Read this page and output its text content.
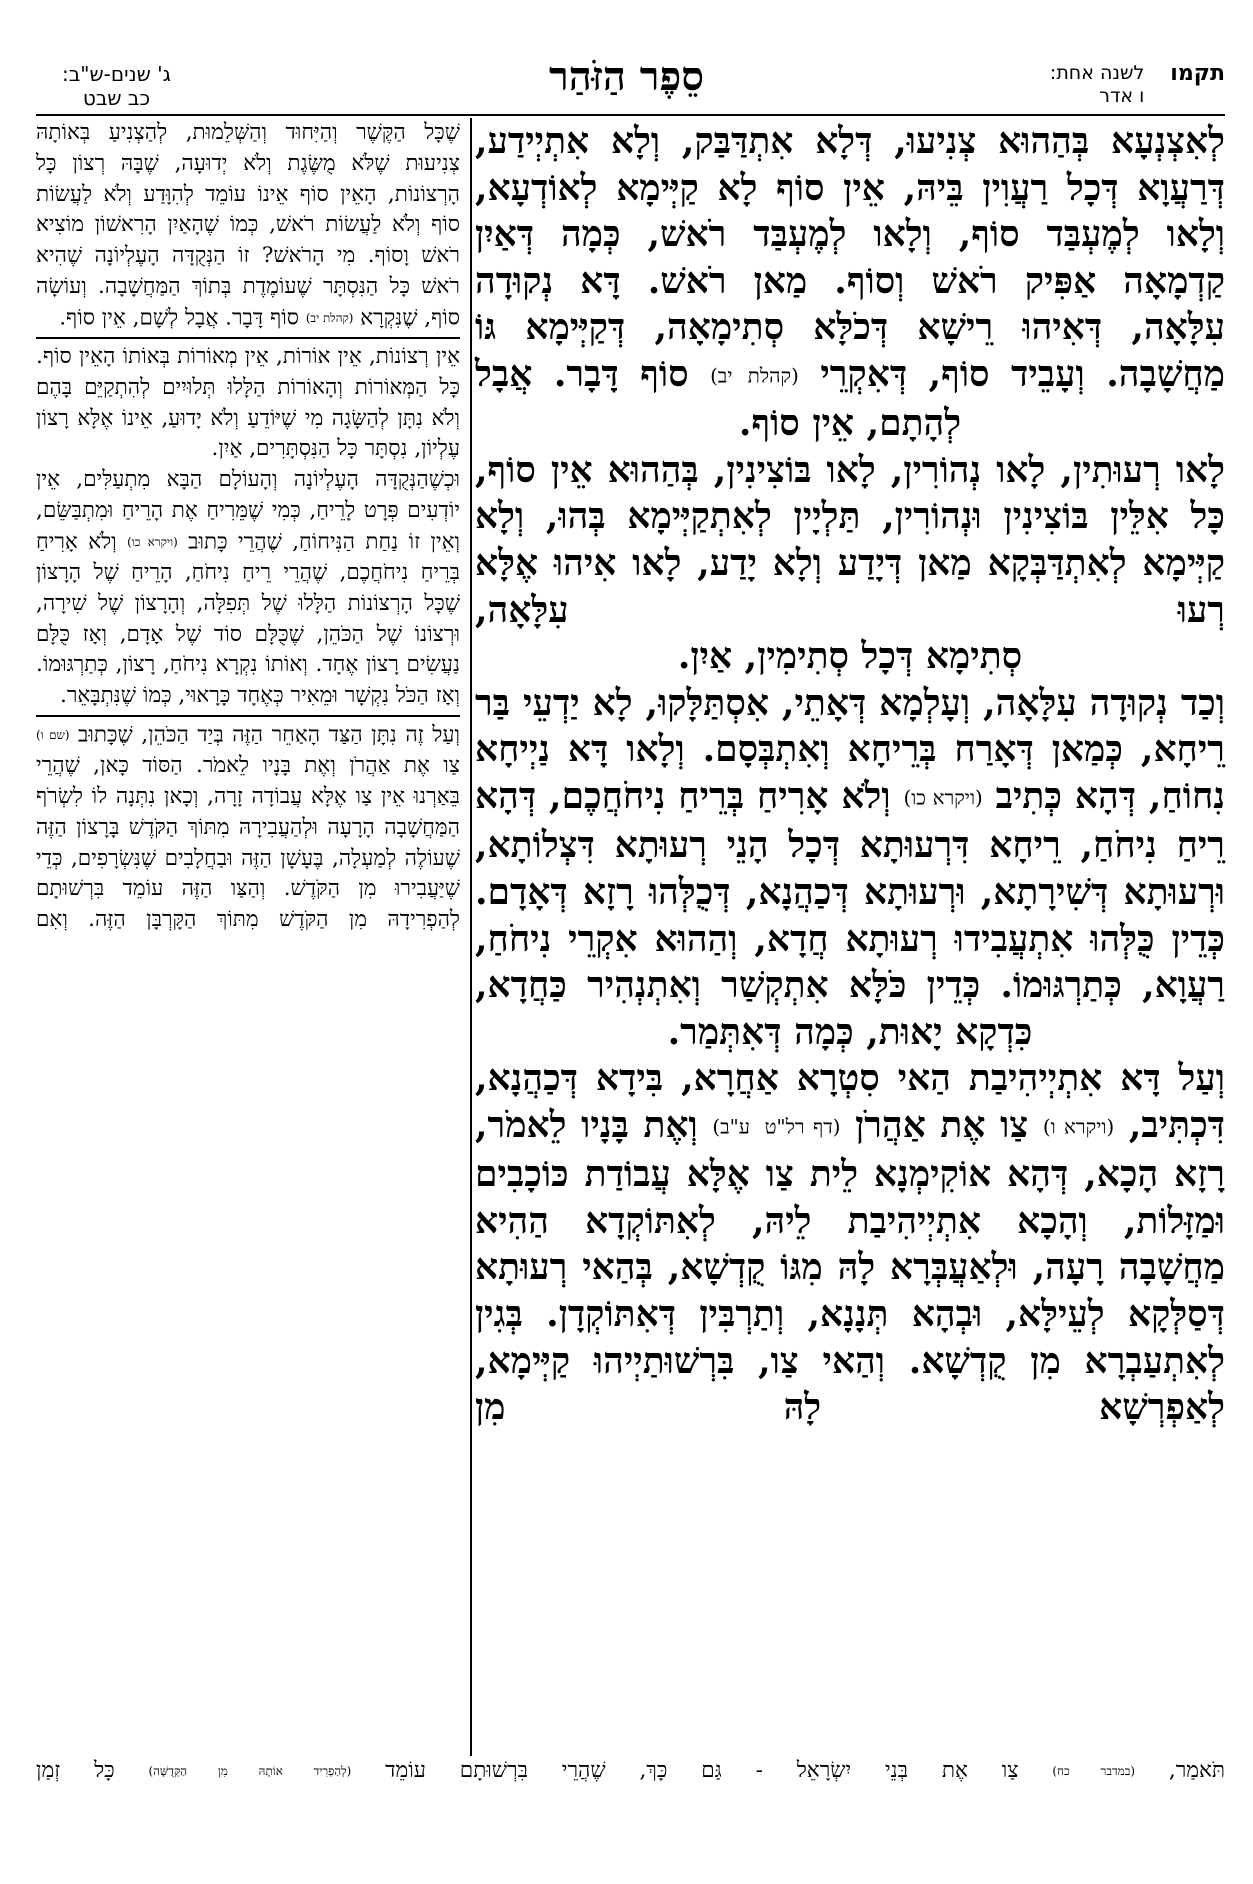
תקמו לשנה אחת:
ו אדר
סֵפֶר הַזֹּהַר
ג' שנים-ש"ב:
כב שבט

לְאִצְנְעָא בְּהַהוּא צְנִיעוּ, דְּלָא אִתְדַּבַּק, וְלָא אִתְיְידַע, דְּרַעֲוָא דְּכָל רַעֲוִין בֵּיהּ, אֵין סוֹף לָא קַיְּימָא לְאוֹדְעָא, וְלָאו לְמֶעְבַּד סוֹף, וְלָאו לְמֶעְבַּד רֹאשׁ, כְּמָה דְּאַיִן קַדְמָאָה אַפִּיק רֹאשׁ וְסוֹף. מַאן רֹאשׁ. דָּא נְקוּדָה עִלָּאָה, דְּאִיהוּ רֵישָׁא דְּכֹלָּא סְתִימָאָה, דְּקַיְּימָא גּוֹ מַחֲשָׁבָה. וְעָבֵיד סוֹף, דְּאִקְרֵי (קהלת יב) סוֹף דָּבָר. אֲבָל
לְהָתָם, אֵין סוֹף.

לָאו רְעוּתִין, לָאו נְהוֹרִין, לָאו בּוֹצִינִין, בְּהַהוּא אֵין סוֹף, כָּל אִלֵּין בּוֹצִינִין וּנְהוֹרִין, תַּלְיָין לְאִתְקַיְּימָא בְּהוּ, וְלָא קַיְּימָא לְאִתְדַּבְּקָא מַאן דְּיָדַע וְלָא יָדַע, לָאו אִיהוּ אֶלָּא רְעוּ עִלָּאָה,
סְתִימָא דְּכָל סְתִימִין, אַיִן.

וְכַד נְקוּדָה עִלָּאָה, וְעָלְמָא דְּאָתֵי, אִסְתַּלָּקוּ, לָא יַדְעֵי בַּר רֵיחָא, כְּמַאן דְּאָרַח בְּרֵיחָא וְאִתְבְּסָם. וְלָאו דָּא נַיְיחָא נִחוֹחַ, דְּהָא כְּתִיב (ויקרא כו) וְלֹא אָרִיחַ בְּרֵיחַ נִיחֹחֲכֶם, דְּהָא רֵיחַ נִיחֹחַ, רֵיחָא דִּרְעוּתָא דְּכָל הָנֵי רְעוּתָא דִּצְלוֹתָא, וּרְעוּתָא דְּשִׁירָתָא, וּרְעוּתָא דְּכַהֲנָא, דְּכֻלְּהוּ רָזָא דְּאָדָם. כְּדֵין כֻּלְּהוּ אִתְעֲבִידוּ רְעוּתָא חֲדָא, וְהַהוּא אִקְרֵי נִיחֹחַ, רַעֲוָא, כְּתַרְגּוּמוֹ. כְּדֵין כֹּלָּא אִתְקְשַׁר וְאִתְנְהִיר כַּחֲדָא,
כִּדְקָא יָאוּת, כְּמָה דְּאִתְּמַר.

וְעַל דָּא אִתְיְיהִיבַת הַאי סִטְרָא אַחֲרָא, בִּידָא דְּכַהֲנָא, דִּכְתִּיב, (ויקרא ו) צַו אֶת אַהֲרֹן (דף רל"ט ע"ב) וְאֶת בָּנָיו לֵאמֹר, רָזָא הָכָא, דְּהָא אוֹקִימְנָא לֵית צַו אֶלָּא עֲבוֹדַת כּוֹכָבִים וּמַזָּלוֹת, וְהָכָא אִתְיְיהִיבַת לֵיהּ, לְאִתּוֹקְדָא הַהִיא מַחֲשָׁבָה רָעָה, וּלְאַעֲבְּרָא לָהּ מִגּוֹ קֻדְשָׁא, בְּהַאי רְעוּתָא דְּסַלְּקָא לְעֵילָּא, וּבְהָא תְּנָנָא, וְתַרְבִּין דְּאִתּוֹקְדָן. בְּגִין לְאִתְעַבְרָא מִן קֻדְשָׁא. וְהַאי צַו, בִּרְשׁוּתַיְיהוּ קַיְּימָא, לְאַפְרְשָׁא לָהּ מִן

שֶׁכָּל הַקֶּשֶׁר וְהַיִּחוּד וְהַשְּׁלֵמוּת, לְהַצְנִיעַ בְּאוֹתָהּ צְנִיעוּת שֶׁלֹּא מֻשֶּׂגֶת וְלֹא יְדוּעָה, שֶׁבָּהּ רְצוֹן כָּל הָרְצוֹנוֹת, הָאֵין סוֹף אֵינוֹ עוֹמֵד לְהִוָּדַע וְלֹא לַעֲשׂוֹת סוֹף וְלֹא לַעֲשׂוֹת רֹאשׁ, כְּמוֹ שֶׁהָאַיִן הָרִאשׁוֹן מוֹצִיא רֹאשׁ וָסוֹף. מִי הָרֹאשׁ? זוֹ הַנְּקֻדָּה הָעֶלְיוֹנָה שֶׁהִיא רֹאשׁ כָּל הַנִּסְתָּר שֶׁעוֹמֶדֶת בְּתוֹךְ הַמַּחֲשָׁבָה. וְעוֹשָׂה סוֹף, שֶׁנִּקְרָא (קהלת יב) סוֹף דָּבָר. אֲבָל לְשָׁם, אֵין סוֹף.

אֵין רְצוֹנוֹת, אֵין אוֹרוֹת, אֵין מְאוֹרוֹת בְּאוֹתוֹ הָאֵין סוֹף. כָּל הַמְּאוֹרוֹת וְהָאוֹרוֹת הַלָּלוּ תְּלוּיִים לְהִתְקַיֵּם בָּהֶם וְלֹא נִתָּן לְהַשָּׂגָה מִי שֶׁיּוֹדֵעַ וְלֹא יָדוּעַ, אֵינוֹ אֶלָּא רָצוֹן עֶלְיוֹן, נִסְתָּר כָּל הַנִּסְתָּרִים, אַיִן.

וּכְשֶׁהַנְּקֻדָּה הָעֶלְיוֹנָה וְהָעוֹלָם הַבָּא מִתְעַלִּים, אֵין יוֹדְעִים פְּרָט לָרֵיחַ, כְּמִי שֶׁמֵּרִיחַ אֶת הָרֵיחַ וּמִתְבַּשֵּׂם, וְאֵין זוֹ נַחַת הַנִּיחוֹחַ, שֶׁהֲרֵי כָּתוּב (ויקרא כו) וְלֹא אָרִיחַ בְּרֵיחַ נִיחֹחֲכֶם, שֶׁהֲרֵי רֵיחַ נִיחֹחַ, הָרֵיחַ שֶׁל הָרָצוֹן שֶׁכָּל הָרְצוֹנוֹת הַלָּלוּ שֶׁל תְּפִלָּה, וְהָרָצוֹן שֶׁל שִׁירָה, וּרְצוֹנוֹ שֶׁל הַכֹּהֵן, שֶׁכֻּלָּם סוֹד שֶׁל אָדָם, וְאָז כֻּלָּם נַעֲשִׂים רָצוֹן אֶחָד. וְאוֹתוֹ נִקְרָא נִיחֹחַ, רָצוֹן, כְּתַרְגּוּמוֹ. וְאָז הַכֹּל נִקְשָׁר וּמֵאִיר כְּאֶחָד כָּרָאוּי, כְּמוֹ שֶׁנִּתְבָּאֵר.

וְעַל זֶה נִתָּן הַצַּד הָאַחֵר הַזֶּה בְּיַד הַכֹּהֵן, שֶׁכָּתוּב (שם ו) צַו אֶת אַהֲרֹן וְאֶת בָּנָיו לֵאמֹר. הַסּוֹד כָּאן, שֶׁהֲרֵי בֵּאַרְנוּ אֵין צַו אֶלָּא עֲבוֹדָה זָרָה, וְכָאן נִתְּנָה לוֹ לִשְׂרֹף הַמַּחֲשָׁבָה הָרָעָה וּלְהַעֲבִירָהּ מִתּוֹךְ הַקֹּדֶשׁ בָּרָצוֹן הַזֶּה שֶׁעוֹלֶה לְמַעְלָה, בֶּעָשָׁן הַזֶּה וּבַחֲלָבִים שֶׁנִּשְׂרָפִים, כְּדֵי שֶׁיַּעֲבִירוּ מִן הַקֹּדֶשׁ. וְהַצַּו הַזֶּה עוֹמֵד בִּרְשׁוּתָם לְהַפְרִידָהּ מִן הַקֹּדֶשׁ מִתּוֹךְ הַקָּרְבָּן הַזֶּה. וְאִם

תֹּאמַר, (במדבר כח) צַו אֶת בְּנֵי יִשְׂרָאֵל - גַּם כָּךְ, שֶׁהֲרֵי בִּרְשׁוּתָם עוֹמֵד (לְהַפְרִיד אוֹתָהּ מִן הַקְּדֻשָּׁה) כָּל זְמַן
